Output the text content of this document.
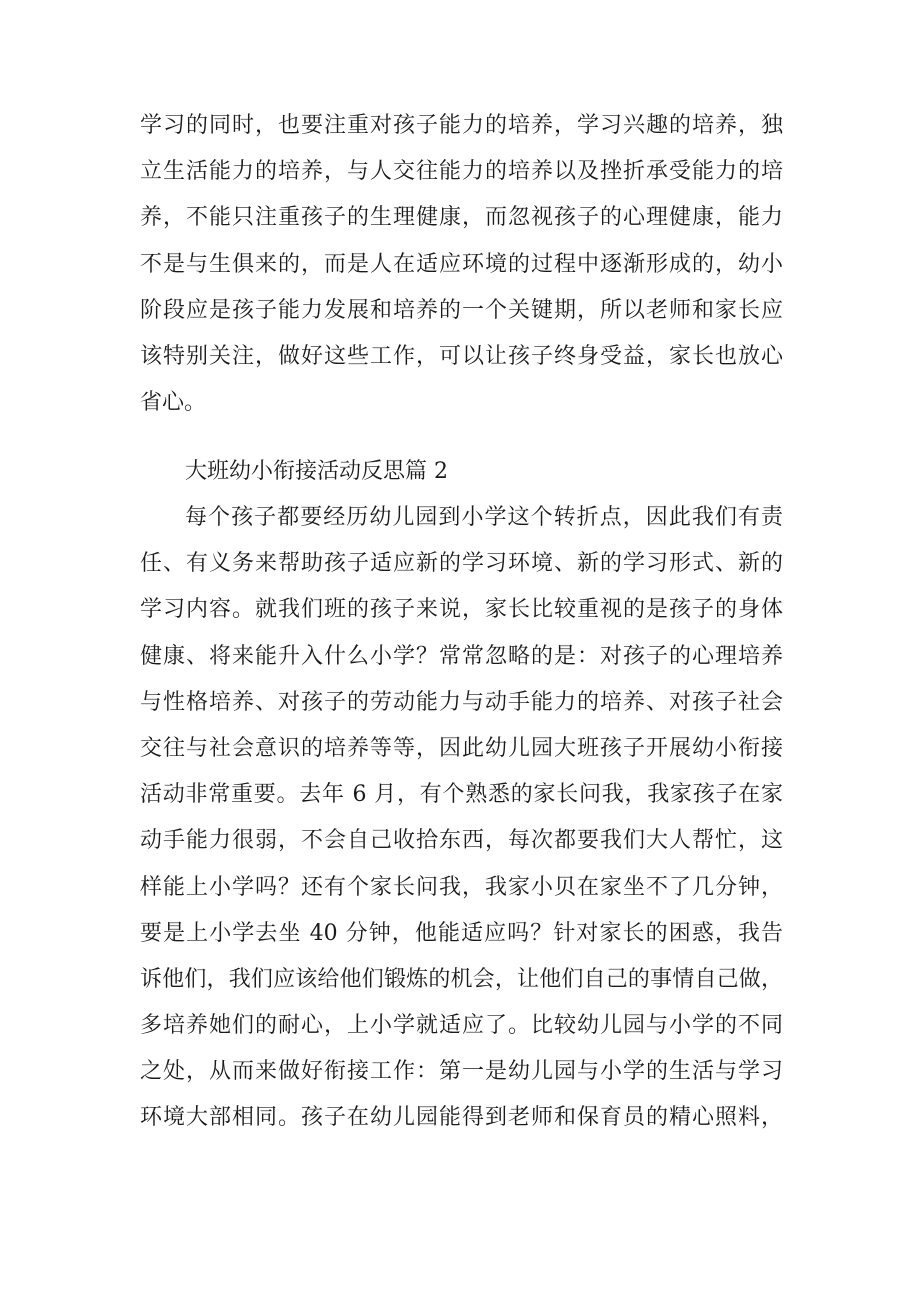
学习的同时，也要注重对孩子能力的培养，学习兴趣的培养，独
立生活能力的培养，与人交往能力的培养以及挫折承受能力的培
养，不能只注重孩子的生理健康，而忽视孩子的心理健康，能力
不是与生俱来的，而是人在适应环境的过程中逐渐形成的，幼小
阶段应是孩子能力发展和培养的一个关键期，所以老师和家长应
该特别关注，做好这些工作，可以让孩子终身受益，家长也放心
省心。
大班幼小衔接活动反思篇 2
每个孩子都要经历幼儿园到小学这个转折点，因此我们有责
任、有义务来帮助孩子适应新的学习环境、新的学习形式、新的
学习内容。就我们班的孩子来说，家长比较重视的是孩子的身体
健康、将来能升入什么小学？常常忽略的是：对孩子的心理培养
与性格培养、对孩子的劳动能力与动手能力的培养、对孩子社会
交往与社会意识的培养等等，因此幼儿园大班孩子开展幼小衔接
活动非常重要。去年 6 月，有个熟悉的家长问我，我家孩子在家
动手能力很弱，不会自己收拾东西，每次都要我们大人帮忙，这
样能上小学吗？还有个家长问我，我家小贝在家坐不了几分钟，
要是上小学去坐 40 分钟，他能适应吗？针对家长的困惑，我告
诉他们，我们应该给他们锻炼的机会，让他们自己的事情自己做，
多培养她们的耐心，上小学就适应了。比较幼儿园与小学的不同
之处，从而来做好衔接工作：第一是幼儿园与小学的生活与学习
环境大部相同。孩子在幼儿园能得到老师和保育员的精心照料，
